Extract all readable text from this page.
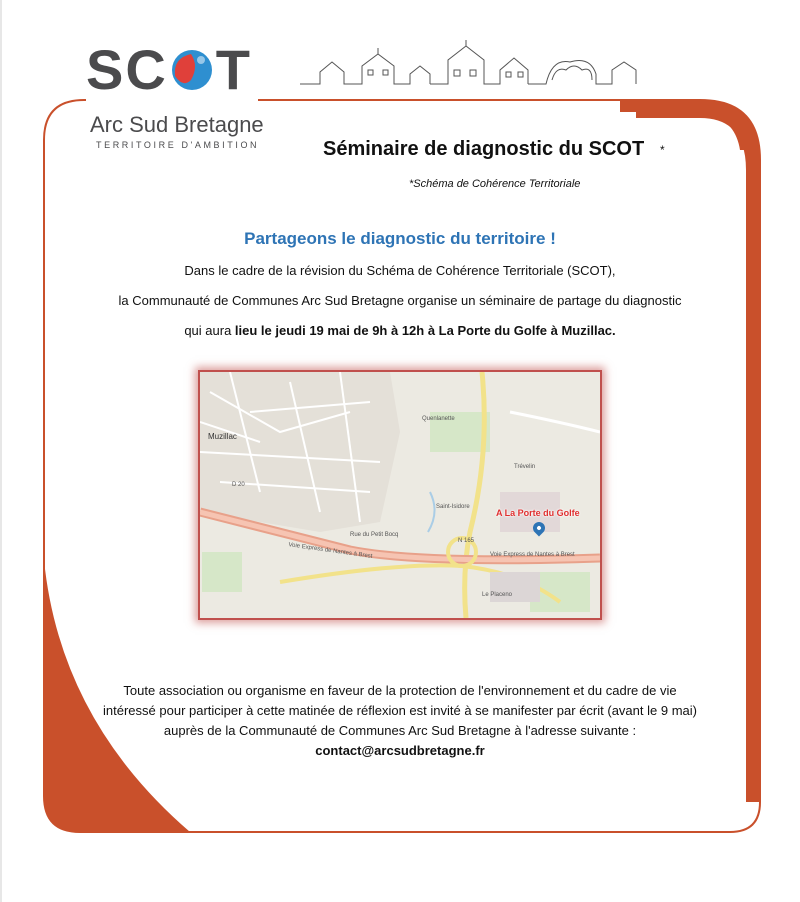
SC T
Arc Sud Bretagne
TERRITOIRE D'AMBITION	Séminaire de diagnostic du SCOT *
*Schéma de Cohérence Territoriale
Partageons le diagnostic du territoire !
Dans le cadre de la révision du Schéma de Cohérence Territoriale (SCOT),
la Communauté de Communes Arc Sud Bretagne organise un séminaire de partage du diagnostic
qui aura lieu le jeudi 19 mai de 9h à 12h à La Porte du Golfe à Muzillac.
Muzillac
D 20
Quenlanette
Saint-Isidore
Trévelin
N 165
Voie Express de Nantes à Brest	Voie Express de Nantes à Brest
Le Placeno
Rue du Petit Bocq
A La Porte du Golfe
Toute association ou organisme en faveur de la protection de l'environnement et du cadre de vie
intéressé pour participer à cette matinée de réflexion est invité à se manifester par écrit (avant le 9 mai)
auprès de la Communauté de Communes Arc Sud Bretagne à l'adresse suivante :
contact@arcsudbretagne.fr
